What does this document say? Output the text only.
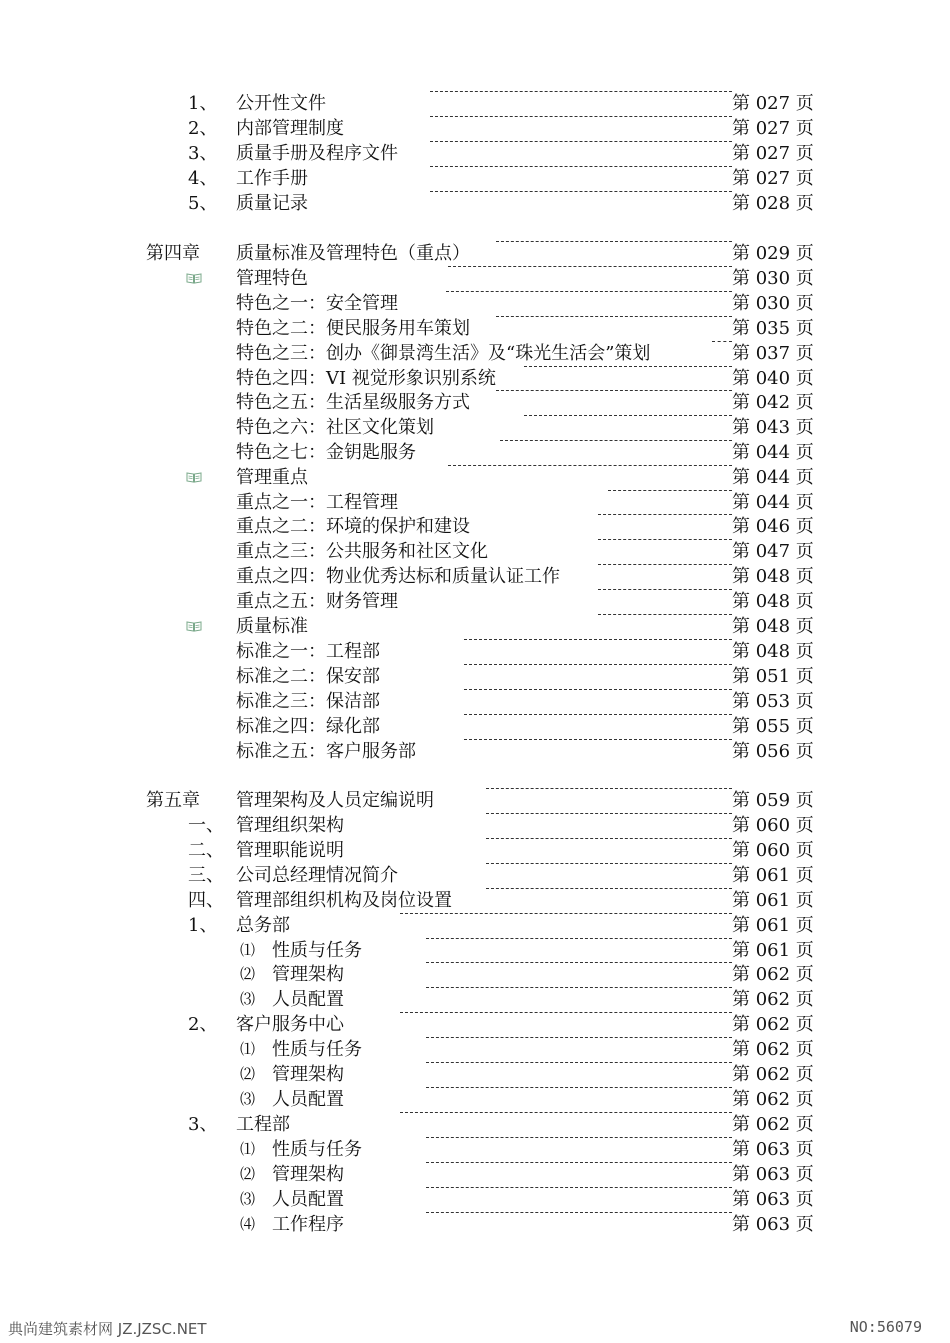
1、 公开性文件	第 027 页
2、 内部管理制度	第 027 页
3、 质量手册及程序文件	第 027 页
4、 工作手册	第 027 页
5、 质量记录	第 028 页
第四章 质量标准及管理特色（重点）	第 029 页
管理特色	第 030 页
特色之一：安全管理	第 030 页
特色之二：便民服务用车策划	第 035 页
特色之三：创办《御景湾生活》及“珠光生活会”策划	第 037 页
特色之四：VI 视觉形象识别系统	第 040 页
特色之五：生活星级服务方式	第 042 页
特色之六：社区文化策划	第 043 页
特色之七：金钥匙服务	第 044 页
管理重点	第 044 页
重点之一：工程管理	第 044 页
重点之二：环境的保护和建设	第 046 页
重点之三：公共服务和社区文化	第 047 页
重点之四：物业优秀达标和质量认证工作	第 048 页
重点之五：财务管理	第 048 页
质量标准	第 048 页
标准之一：工程部	第 048 页
标准之二：保安部	第 051 页
标准之三：保洁部	第 053 页
标准之四：绿化部	第 055 页
标准之五：客户服务部	第 056 页
第五章 管理架构及人员定编说明	第 059 页
一、 管理组织架构	第 060 页
二、 管理职能说明	第 060 页
三、 公司总经理情况简介	第 061 页
四、 管理部组织机构及岗位设置	第 061 页
1、 总务部	第 061 页
⑴ 性质与任务	第 061 页
⑵ 管理架构	第 062 页
⑶ 人员配置	第 062 页
2、 客户服务中心	第 062 页
⑴ 性质与任务	第 062 页
⑵ 管理架构	第 062 页
⑶ 人员配置	第 062 页
3、 工程部	第 062 页
⑴ 性质与任务	第 063 页
⑵ 管理架构	第 063 页
⑶ 人员配置	第 063 页
⑷ 工作程序	第 063 页
典尚建筑素材网 JZ.JZSC.NET	NO:56079
